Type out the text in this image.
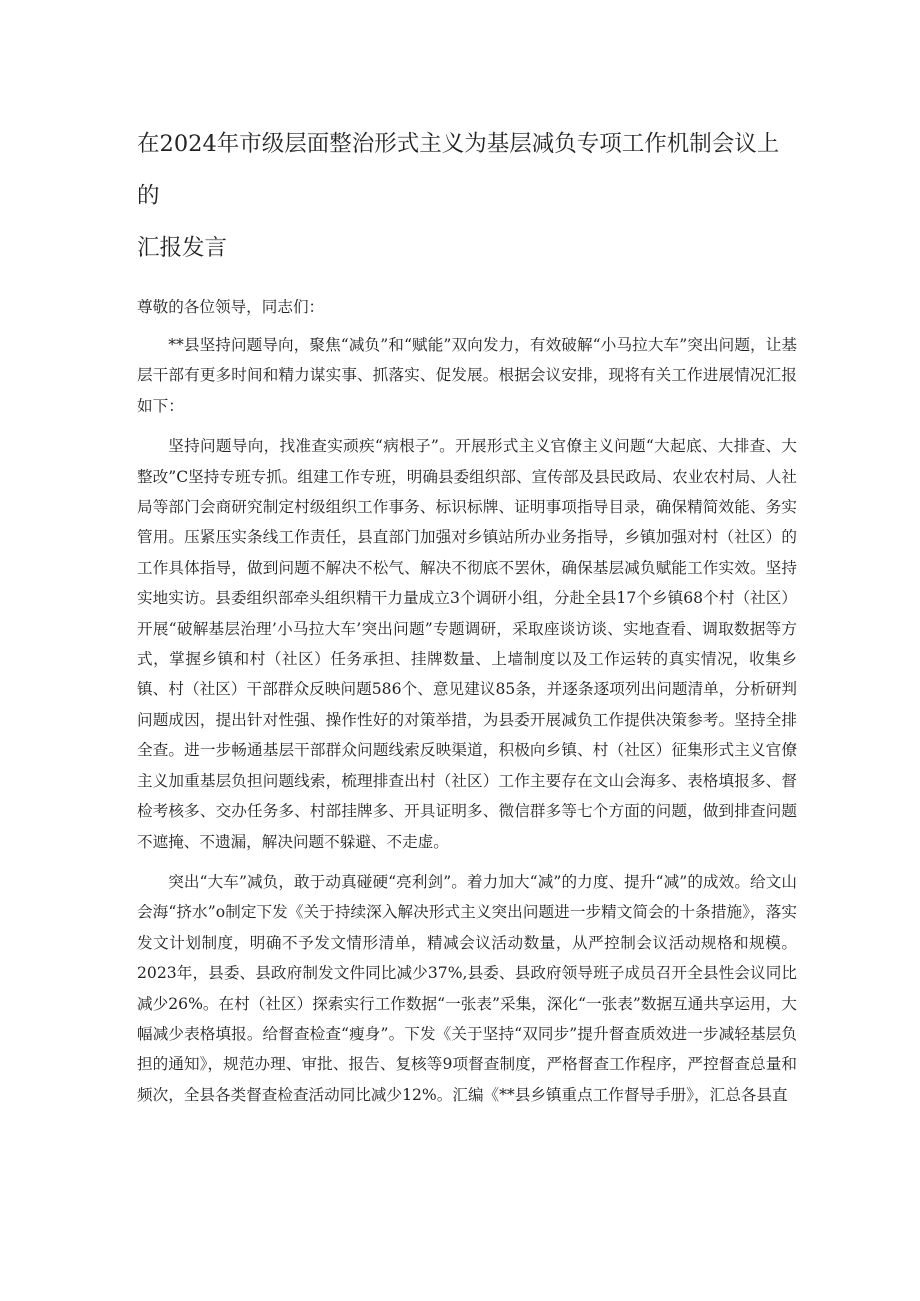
在2024年市级层面整治形式主义为基层减负专项工作机制会议上的
汇报发言

尊敬的各位领导，同志们：

**县坚持问题导向，聚焦“减负”和“赋能”双向发力，有效破解“小马拉大车”突出问题，让基层干部有更多时间和精力谋实事、抓落实、促发展。根据会议安排，现将有关工作进展情况汇报如下：

坚持问题导向，找准查实顽疾“病根子”。开展形式主义官僚主义问题“大起底、大排查、大整改”C坚持专班专抓。组建工作专班，明确县委组织部、宣传部及县民政局、农业农村局、人社局等部门会商研究制定村级组织工作事务、标识标牌、证明事项指导目录，确保精简效能、务实管用。压紧压实条线工作责任，县直部门加强对乡镇站所办业务指导，乡镇加强对村（社区）的工作具体指导，做到问题不解决不松气、解决不彻底不罢休，确保基层减负赋能工作实效。坚持实地实访。县委组织部牵头组织精干力量成立3个调研小组，分赴全县17个乡镇68个村（社区）开展“破解基层治理’小马拉大车’突出问题”专题调研，采取座谈访谈、实地查看、调取数据等方式，掌握乡镇和村（社区）任务承担、挂牌数量、上墙制度以及工作运转的真实情况，收集乡镇、村（社区）干部群众反映问题586个、意见建议85条，并逐条逐项列出问题清单，分析研判问题成因，提出针对性强、操作性好的对策举措，为县委开展减负工作提供决策参考。坚持全排全查。进一步畅通基层干部群众问题线索反映渠道，积极向乡镇、村（社区）征集形式主义官僚主义加重基层负担问题线索，梳理排查出村（社区）工作主要存在文山会海多、表格填报多、督检考核多、交办任务多、村部挂牌多、开具证明多、微信群多等七个方面的问题，做到排查问题不遮掩、不遗漏，解决问题不躲避、不走虚。

突出“大车”减负，敢于动真碰硬“亮利剑”。着力加大“减”的力度、提升“减”的成效。给文山会海“挤水”o制定下发《关于持续深入解决形式主义突出问题进一步精文简会的十条措施》，落实发文计划制度，明确不予发文情形清单，精减会议活动数量，从严控制会议活动规格和规模。2023年，县委、县政府制发文件同比减少37%,县委、县政府领导班子成员召开全县性会议同比减少26%。在村（社区）探索实行工作数据“一张表”采集，深化“一张表”数据互通共享运用，大幅减少表格填报。给督查检查“瘦身”。下发《关于坚持“双同步”提升督查质效进一步减轻基层负担的通知》，规范办理、审批、报告、复核等9项督查制度，严格督查工作程序，严控督查总量和频次，全县各类督查检查活动同比减少12%。汇编《**县乡镇重点工作督导手册》，汇总各县直
